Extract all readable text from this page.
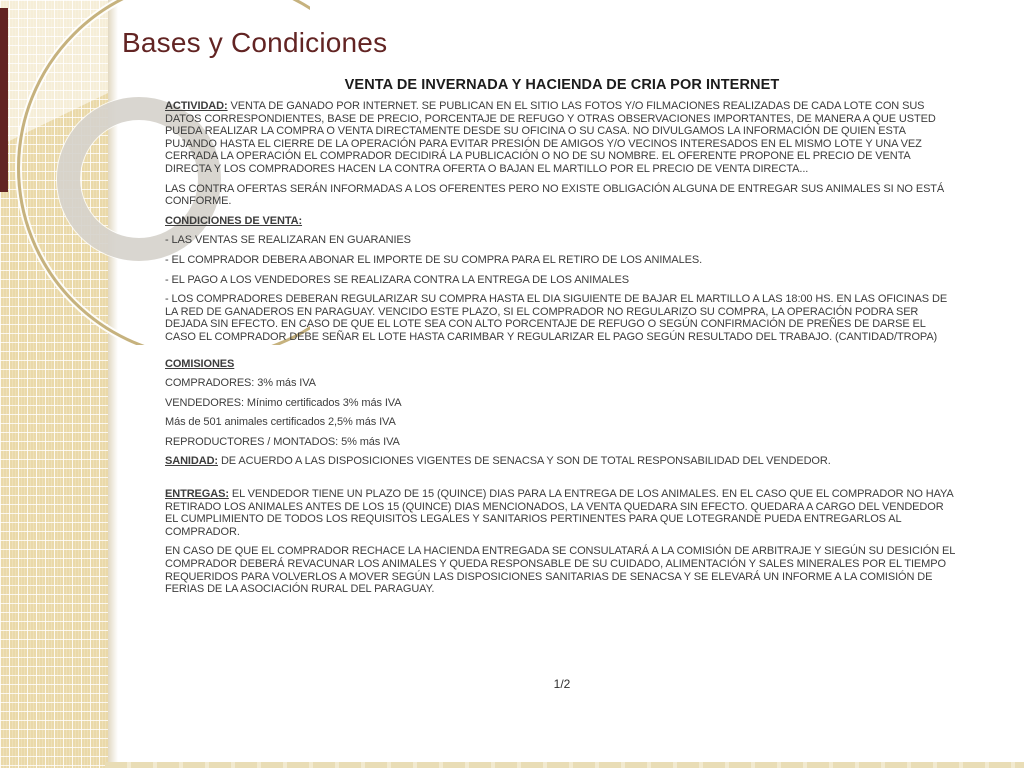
Bases y Condiciones
VENTA DE INVERNADA Y HACIENDA DE CRIA POR INTERNET

ACTIVIDAD: VENTA DE GANADO POR INTERNET. SE PUBLICAN EN EL SITIO LAS FOTOS Y/O FILMACIONES REALIZADAS DE CADA LOTE CON SUS DATOS CORRESPONDIENTES, BASE DE PRECIO, PORCENTAJE DE REFUGO Y OTRAS OBSERVACIONES IMPORTANTES, DE MANERA A QUE USTED PUEDA REALIZAR LA COMPRA O VENTA DIRECTAMENTE DESDE SU OFICINA O SU CASA. NO DIVULGAMOS LA INFORMACIÓN DE QUIEN ESTA PUJANDO HASTA EL CIERRE DE LA OPERACIÓN PARA EVITAR PRESIÓN DE AMIGOS Y/O VECINOS INTERESADOS EN EL MISMO LOTE Y UNA VEZ CERRADA LA OPERACIÓN EL COMPRADOR DECIDIRÁ LA PUBLICACIÓN O NO DE SU NOMBRE. EL OFERENTE PROPONE EL PRECIO DE VENTA DIRECTA Y LOS COMPRADORES HACEN LA CONTRA OFERTA O BAJAN EL MARTILLO POR EL PRECIO DE VENTA DIRECTA...

LAS CONTRA OFERTAS SERÁN INFORMADAS A LOS OFERENTES PERO NO EXISTE OBLIGACIÓN ALGUNA DE ENTREGAR SUS ANIMALES SI NO ESTÁ CONFORME.

CONDICIONES DE VENTA:

- LAS VENTAS SE REALIZARAN EN GUARANIES

- EL COMPRADOR DEBERA ABONAR EL IMPORTE DE SU COMPRA PARA EL RETIRO DE LOS ANIMALES.

- EL PAGO A LOS VENDEDORES SE REALIZARA CONTRA LA ENTREGA DE LOS ANIMALES

- LOS COMPRADORES DEBERAN REGULARIZAR SU COMPRA HASTA EL DIA SIGUIENTE DE BAJAR EL MARTILLO A LAS 18:00 HS. EN LAS OFICINAS DE LA RED DE GANADEROS EN PARAGUAY. VENCIDO ESTE PLAZO, SI EL COMPRADOR NO REGULARIZO SU COMPRA, LA OPERACIÓN PODRA SER DEJADA SIN EFECTO. EN CASO DE QUE EL LOTE SEA CON ALTO PORCENTAJE DE REFUGO O SEGÚN CONFIRMACIÓN DE PREÑES DE DARSE EL CASO EL COMPRADOR DEBE SEÑAR EL LOTE HASTA CARIMBAR Y REGULARIZAR EL PAGO SEGÚN RESULTADO DEL TRABAJO. (CANTIDAD/TROPA)

COMISIONES

COMPRADORES: 3% más IVA

VENDEDORES: Mínimo certificados 3% más IVA

Más de 501 animales certificados 2,5% más IVA

REPRODUCTORES / MONTADOS: 5% más IVA

SANIDAD: DE ACUERDO A LAS DISPOSICIONES VIGENTES DE SENACSA Y SON DE TOTAL RESPONSABILIDAD DEL VENDEDOR.

ENTREGAS: EL VENDEDOR TIENE UN PLAZO DE 15 (QUINCE) DIAS PARA LA ENTREGA DE LOS ANIMALES. EN EL CASO QUE EL COMPRADOR NO HAYA RETIRADO LOS ANIMALES ANTES DE LOS 15 (QUINCE) DIAS MENCIONADOS, LA VENTA QUEDARA SIN EFECTO. QUEDARA A CARGO DEL VENDEDOR EL CUMPLIMIENTO DE TODOS LOS REQUISITOS LEGALES Y SANITARIOS PERTINENTES PARA QUE LOTEGRANDE PUEDA ENTREGARLOS AL COMPRADOR.

EN CASO DE QUE EL COMPRADOR RECHACE LA HACIENDA ENTREGADA SE CONSULATARÁ A LA COMISIÓN DE ARBITRAJE Y SIEGÚN SU DESICIÓN EL COMPRADOR DEBERÁ REVACUNAR LOS ANIMALES Y QUEDA RESPONSABLE DE SU CUIDADO, ALIMENTACIÓN Y SALES MINERALES POR EL TIEMPO REQUERIDOS PARA VOLVERLOS A MOVER SEGÚN LAS DISPOSICIONES SANITARIAS DE SENACSA Y SE ELEVARÁ UN INFORME A LA COMISIÓN DE FERIAS DE LA ASOCIACIÓN RURAL DEL PARAGUAY.

1/2
